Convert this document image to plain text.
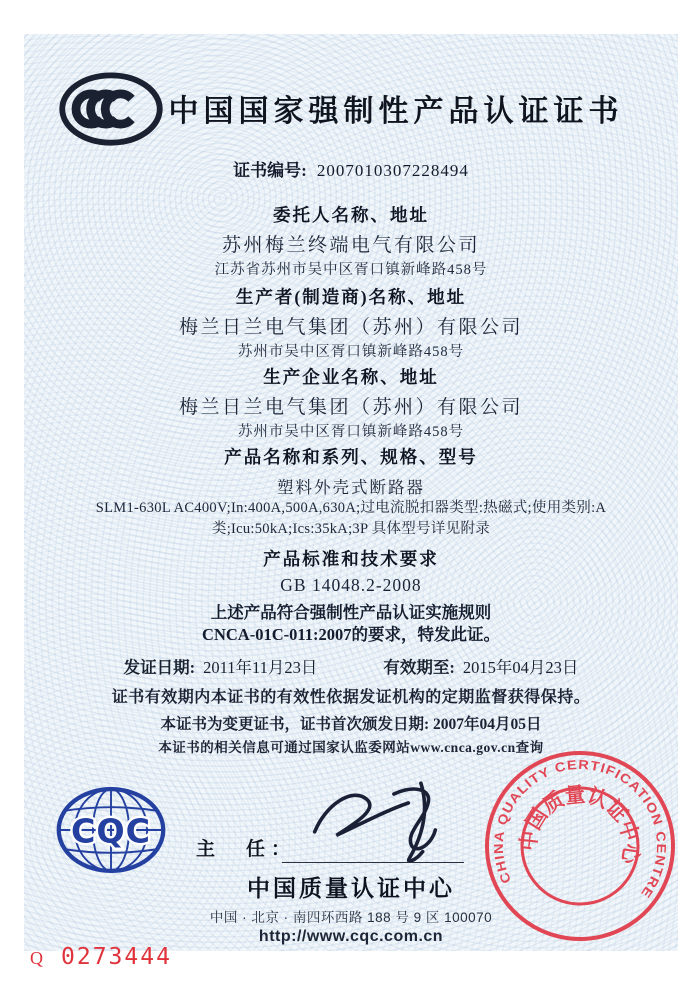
中国国家强制性产品认证证书
证书编号: 2007010307228494
委托人名称、地址
苏州梅兰终端电气有限公司
江苏省苏州市吴中区胥口镇新峰路458号
生产者(制造商)名称、地址
梅兰日兰电气集团（苏州）有限公司
苏州市吴中区胥口镇新峰路458号
生产企业名称、地址
梅兰日兰电气集团（苏州）有限公司
苏州市吴中区胥口镇新峰路458号
产品名称和系列、规格、型号
塑料外壳式断路器
SLM1-630L AC400V;In:400A,500A,630A;过电流脱扣器类型:热磁式;使用类别:A类;Icu:50kA;Ics:35kA;3P 具体型号详见附录
产品标准和技术要求
GB 14048.2-2008
上述产品符合强制性产品认证实施规则
CNCA-01C-011:2007的要求，特发此证。
发证日期: 2011年11月23日	有效期至: 2015年04月23日
证书有效期内本证书的有效性依据发证机构的定期监督获得保持。
本证书为变更证书，证书首次颁发日期: 2007年04月05日
本证书的相关信息可通过国家认监委网站www.cnca.gov.cn查询
CQC 主　任：
中国质量认证中心
中国 · 北京 · 南四环西路 188 号 9 区 100070
http://www.cqc.com.cn
CHINA QUALITY CERTIFICATION CENTRE
中国质量认证中心
Q 0273444
